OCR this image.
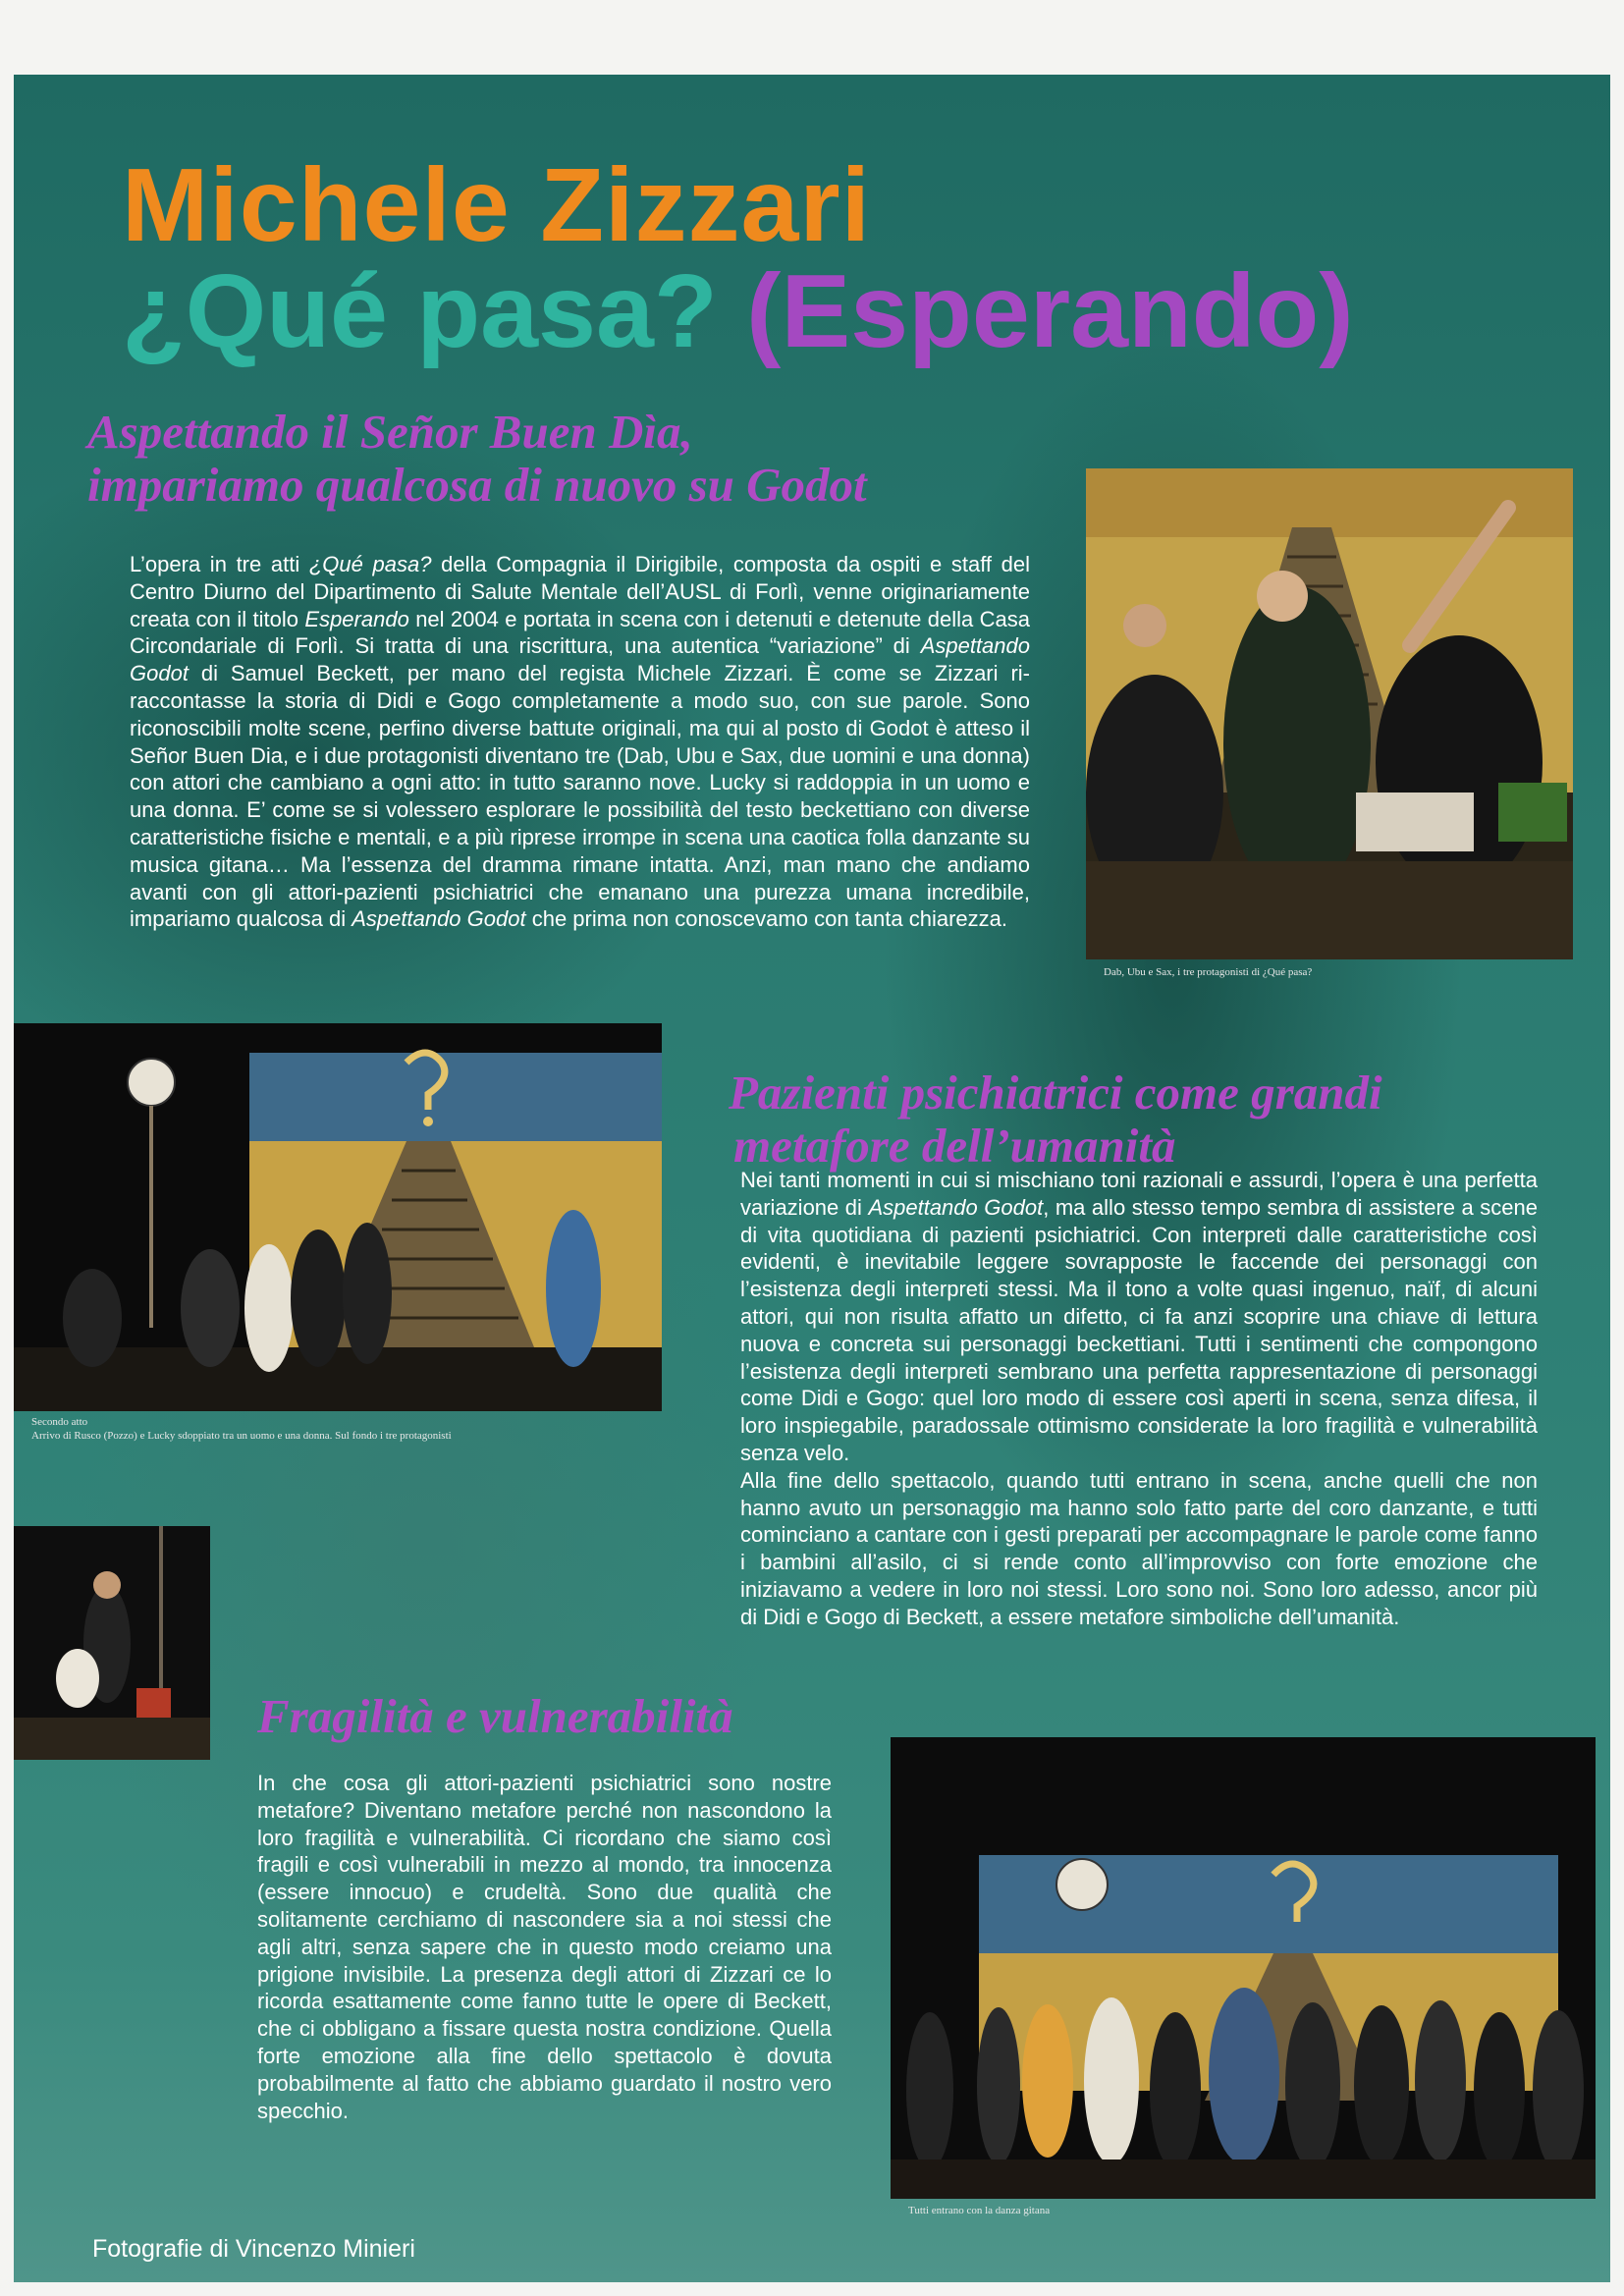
Michele Zizzari
¿Qué pasa? (Esperando)
Aspettando il Señor Buen Dìa,
impariamo qualcosa di nuovo su Godot

L’opera in tre atti ¿Qué pasa? della Compagnia il Dirigibile, composta da ospiti e staff del Centro Diurno del Dipartimento di Salute Mentale dell’AUSL di Forlì, venne originariamente creata con il titolo Esperando nel 2004 e portata in scena con i detenuti e detenute della Casa Circondariale di Forlì. Si tratta di una riscrittura, una autentica “variazione” di Aspettando Godot di Samuel Beckett, per mano del regista Michele Zizzari. È come se Zizzari ri-raccontasse la storia di Didi e Gogo completamente a modo suo, con sue parole. Sono riconoscibili molte scene, perfino diverse battute originali, ma qui al posto di Godot è atteso il Señor Buen Dia, e i due protagonisti diventano tre (Dab, Ubu e Sax, due uomini e una donna) con attori che cambiano a ogni atto: in tutto saranno nove. Lucky si raddoppia in un uomo e una donna. E’ come se si volessero esplorare le possibilità del testo beckettiano con diverse caratteristiche fisiche e mentali, e a più riprese irrompe in scena una caotica folla danzante su musica gitana… Ma l’essenza del dramma rimane intatta. Anzi, man mano che andiamo avanti con gli attori-pazienti psichiatrici che emanano una purezza umana incredibile, impariamo qualcosa di Aspettando Godot che prima non conoscevamo con tanta chiarezza.

Dab, Ubu e Sax, i tre protagonisti di ¿Qué pasa?

Secondo atto

Arrivo di Rusco (Pozzo) e Lucky sdoppiato tra un uomo e una donna. Sul fondo i tre protagonisti

Pazienti psichiatrici come grandi
metafore dell’umanità

Nei tanti momenti in cui si mischiano toni razionali e assurdi, l’opera è una perfetta variazione di Aspettando Godot, ma allo stesso tempo sembra di assistere a scene di vita quotidiana di pazienti psichiatrici. Con interpreti dalle caratteristiche così evidenti, è inevitabile leggere sovrapposte le faccende dei personaggi con l’esistenza degli interpreti stessi. Ma il tono a volte quasi ingenuo, naïf, di alcuni attori, qui non risulta affatto un difetto, ci fa anzi scoprire una chiave di lettura nuova e concreta sui personaggi beckettiani. Tutti i sentimenti che compongono l’esistenza degli interpreti sembrano una perfetta rappresentazione di personaggi come Didi e Gogo: quel loro modo di essere così aperti in scena, senza difesa, il loro inspiegabile, paradossale ottimismo considerate la loro fragilità e vulnerabilità senza velo.

Alla fine dello spettacolo, quando tutti entrano in scena, anche quelli che non hanno avuto un personaggio ma hanno solo fatto parte del coro danzante, e tutti cominciano a cantare con i gesti preparati per accompagnare le parole come fanno i bambini all’asilo, ci si rende conto all’improvviso con forte emozione che iniziavamo a vedere in loro noi stessi. Loro sono noi. Sono loro adesso, ancor più di Didi e Gogo di Beckett, a essere metafore simboliche dell’umanità.

Fragilità e vulnerabilità

In che cosa gli attori-pazienti psichiatrici sono nostre metafore? Diventano metafore perché non nascondono la loro fragilità e vulnerabilità. Ci ricordano che siamo così fragili e così vulnerabili in mezzo al mondo, tra innocenza (essere innocuo) e crudeltà. Sono due qualità che solitamente cerchiamo di nascondere sia a noi stessi che agli altri, senza sapere che in questo modo creiamo una prigione invisibile. La presenza degli attori di Zizzari ce lo ricorda esattamente come fanno tutte le opere di Beckett, che ci obbligano a fissare questa nostra condizione. Quella forte emozione alla fine dello spettacolo è dovuta probabilmente al fatto che abbiamo guardato il nostro vero specchio.

Tutti entrano con la danza gitana

Fotografie di Vincenzo Minieri
